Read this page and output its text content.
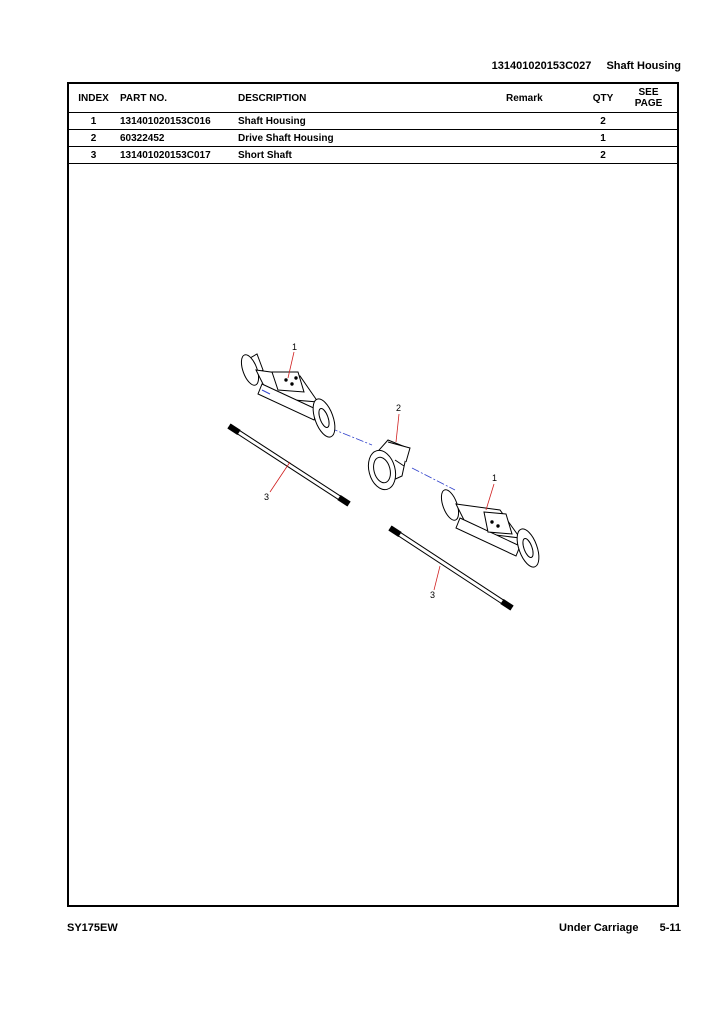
131401020153C027 Shaft Housing
INDEX	PART NO.	DESCRIPTION	Remark	QTY	SEE
PAGE
1	131401020153C016	Shaft Housing		2	
2	60322452	Drive Shaft Housing		1	
3	131401020153C017	Short Shaft		2	
1
2
1
3
3
SY175EW	Under Carriage 5-11
